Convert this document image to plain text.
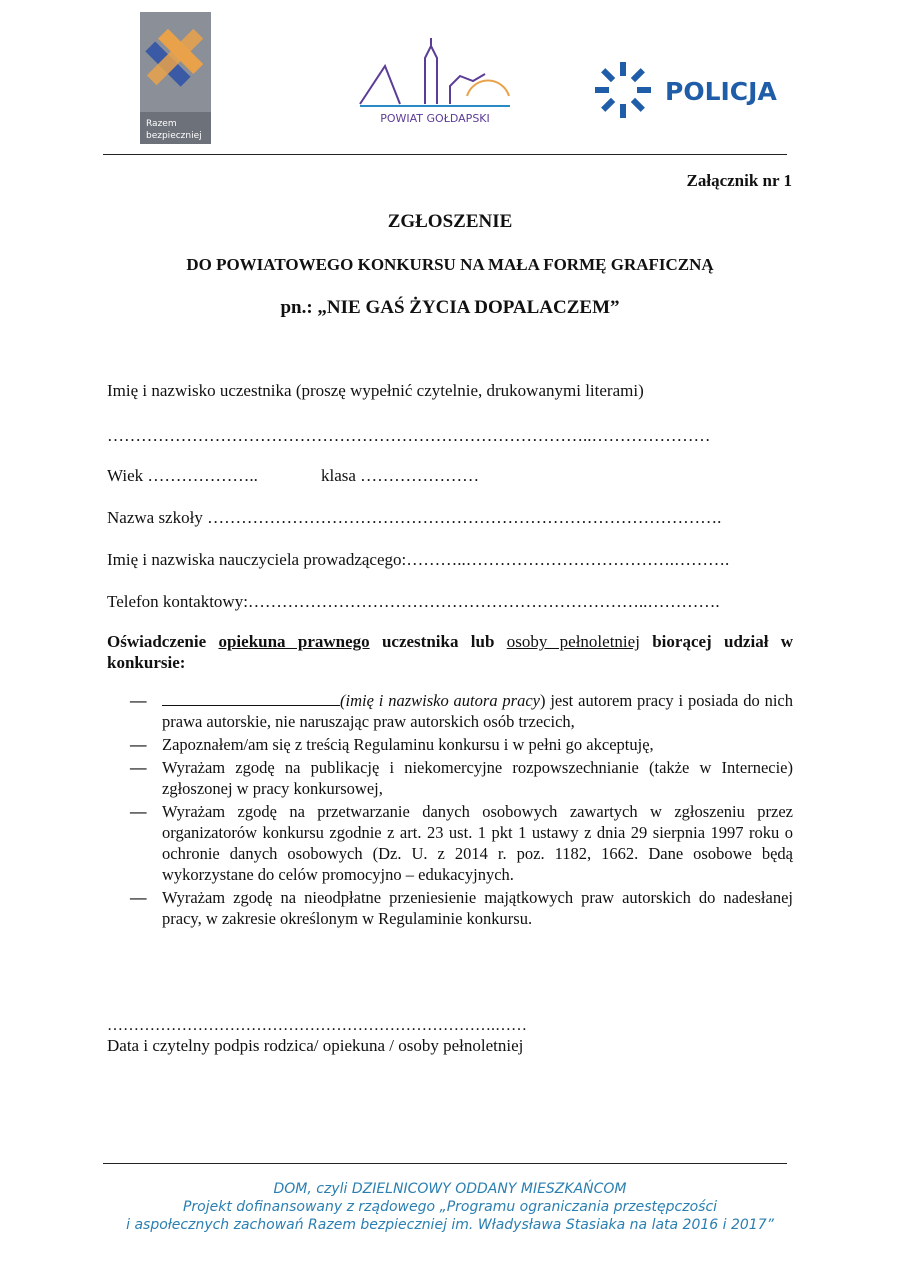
Razem
bezpieczniej
POWIAT GOŁDAPSKI
POLICJA
Załącznik nr 1
ZGŁOSZENIE
DO POWIATOWEGO KONKURSU NA MAŁA FORMĘ GRAFICZNĄ
pn.: „NIE GAŚ ŻYCIA DOPALACZEM”
Imię i nazwisko uczestnika (proszę wypełnić czytelnie, drukowanymi literami)
…………………………………………………………………………..…………………
Wiek ………………..	klasa …………………
Nazwa szkoły ……………………………………………………………………………….
Imię i nazwiska nauczyciela prowadzącego:………..……………………………….……….
Telefon kontaktowy:……………………………………………………………..………….
Oświadczenie opiekuna prawnego uczestnika lub osoby pełnoletniej biorącej udział w konkursie:
―	(imię i nazwisko autora pracy) jest autorem pracy i posiada do nich prawa autorskie, nie naruszając praw autorskich osób trzecich,
― Zapoznałem/am się z treścią Regulaminu konkursu i w pełni go akceptuję,
― Wyrażam zgodę na publikację i niekomercyjne rozpowszechnianie (także w Internecie) zgłoszonej w pracy konkursowej,
― Wyrażam zgodę na przetwarzanie danych osobowych zawartych w zgłoszeniu przez organizatorów konkursu zgodnie z art. 23 ust. 1 pkt 1 ustawy z dnia 29 sierpnia 1997 roku o ochronie danych osobowych (Dz. U. z 2014 r. poz. 1182, 1662. Dane osobowe będą wykorzystane do celów promocyjno – edukacyjnych.
― Wyrażam zgodę na nieodpłatne przeniesienie majątkowych praw autorskich do nadesłanej pracy, w zakresie określonym w Regulaminie konkursu.
……………………………………………………………….……
Data i czytelny podpis rodzica/ opiekuna / osoby pełnoletniej
DOM, czyli DZIELNICOWY ODDANY MIESZKAŃCOM
Projekt dofinansowany z rządowego „Programu ograniczania przestępczości
i aspołecznych zachowań Razem bezpieczniej im. Władysława Stasiaka na lata 2016 i 2017”
